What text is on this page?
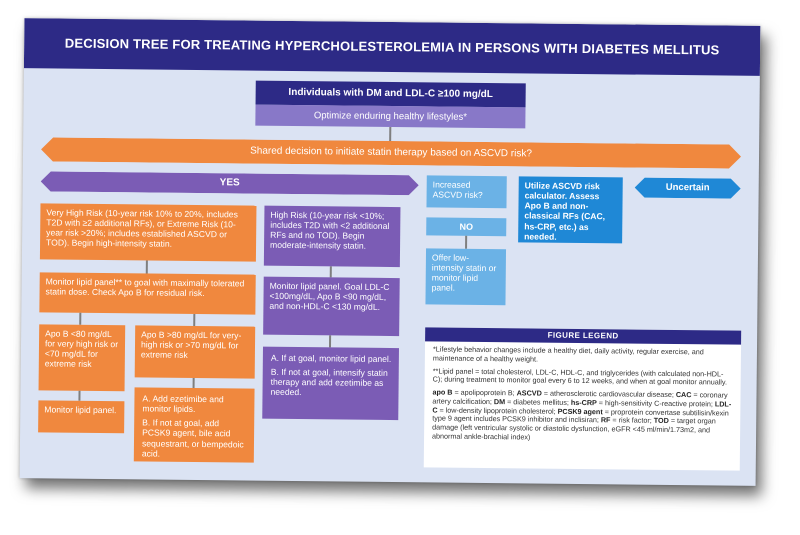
DECISION TREE FOR TREATING HYPERCHOLESTEROLEMIA IN PERSONS WITH DIABETES MELLITUS
Individuals with DM and LDL-C ≥100 mg/dL
Optimize enduring healthy lifestyles*
Shared decision to initiate statin therapy based on ASCVD risk?
YES	Uncertain
Utilize ASCVD risk calculator. Assess Apo B and non-classical RFs (CAC, hs-CRP, etc.) as needed.
Increased ASCVD risk?
NO
Offer low-intensity statin or monitor lipid panel.
Very High Risk (10-year risk 10% to 20%, includes T2D with ≥2 additional RFs), or Extreme Risk (10-year risk >20%; includes established ASCVD or TOD). Begin high-intensity statin.
High Risk (10-year risk <10%; includes T2D with <2 additional RFs and no TOD). Begin moderate-intensity statin.
Monitor lipid panel** to goal with maximally tolerated statin dose. Check Apo B for residual risk.
Monitor lipid panel. Goal LDL-C <100mg/dL, Apo B <90 mg/dL, and non-HDL-C <130 mg/dL.
Apo B <80 mg/dL for very high risk or <70 mg/dL for extreme risk
Apo B >80 mg/dL for very-high risk or >70 mg/dL for extreme risk	A. If at goal, monitor lipid panel.
B. If not at goal, intensify statin therapy and add ezetimibe as needed.
Monitor lipid panel.
A. Add ezetimibe and monitor lipids.
B. If not at goal, add PCSK9 agent, bile acid sequestrant, or bempedoic acid.
FIGURE LEGEND

*Lifestyle behavior changes include a healthy diet, daily activity, regular exercise, and maintenance of a healthy weight.

**Lipid panel = total cholesterol, LDL-C, HDL-C, and triglycerides (with calculated non-HDL-C); during treatment to monitor goal every 6 to 12 weeks, and when at goal monitor annually.

apo B = apolipoprotein B; ASCVD = atherosclerotic cardiovascular disease; CAC = coronary artery calcification; DM = diabetes mellitus; hs-CRP = high-sensitivity C-reactive protein; LDL-C = low-density lipoprotein cholesterol; PCSK9 agent = proprotein convertase subtilisin/kexin type 9 agent includes PCSK9 inhibitor and inclisiran; RF = risk factor; TOD = target organ damage (left ventricular systolic or diastolic dysfunction, eGFR <45 ml/min/1.73m2, and abnormal ankle-brachial index)
